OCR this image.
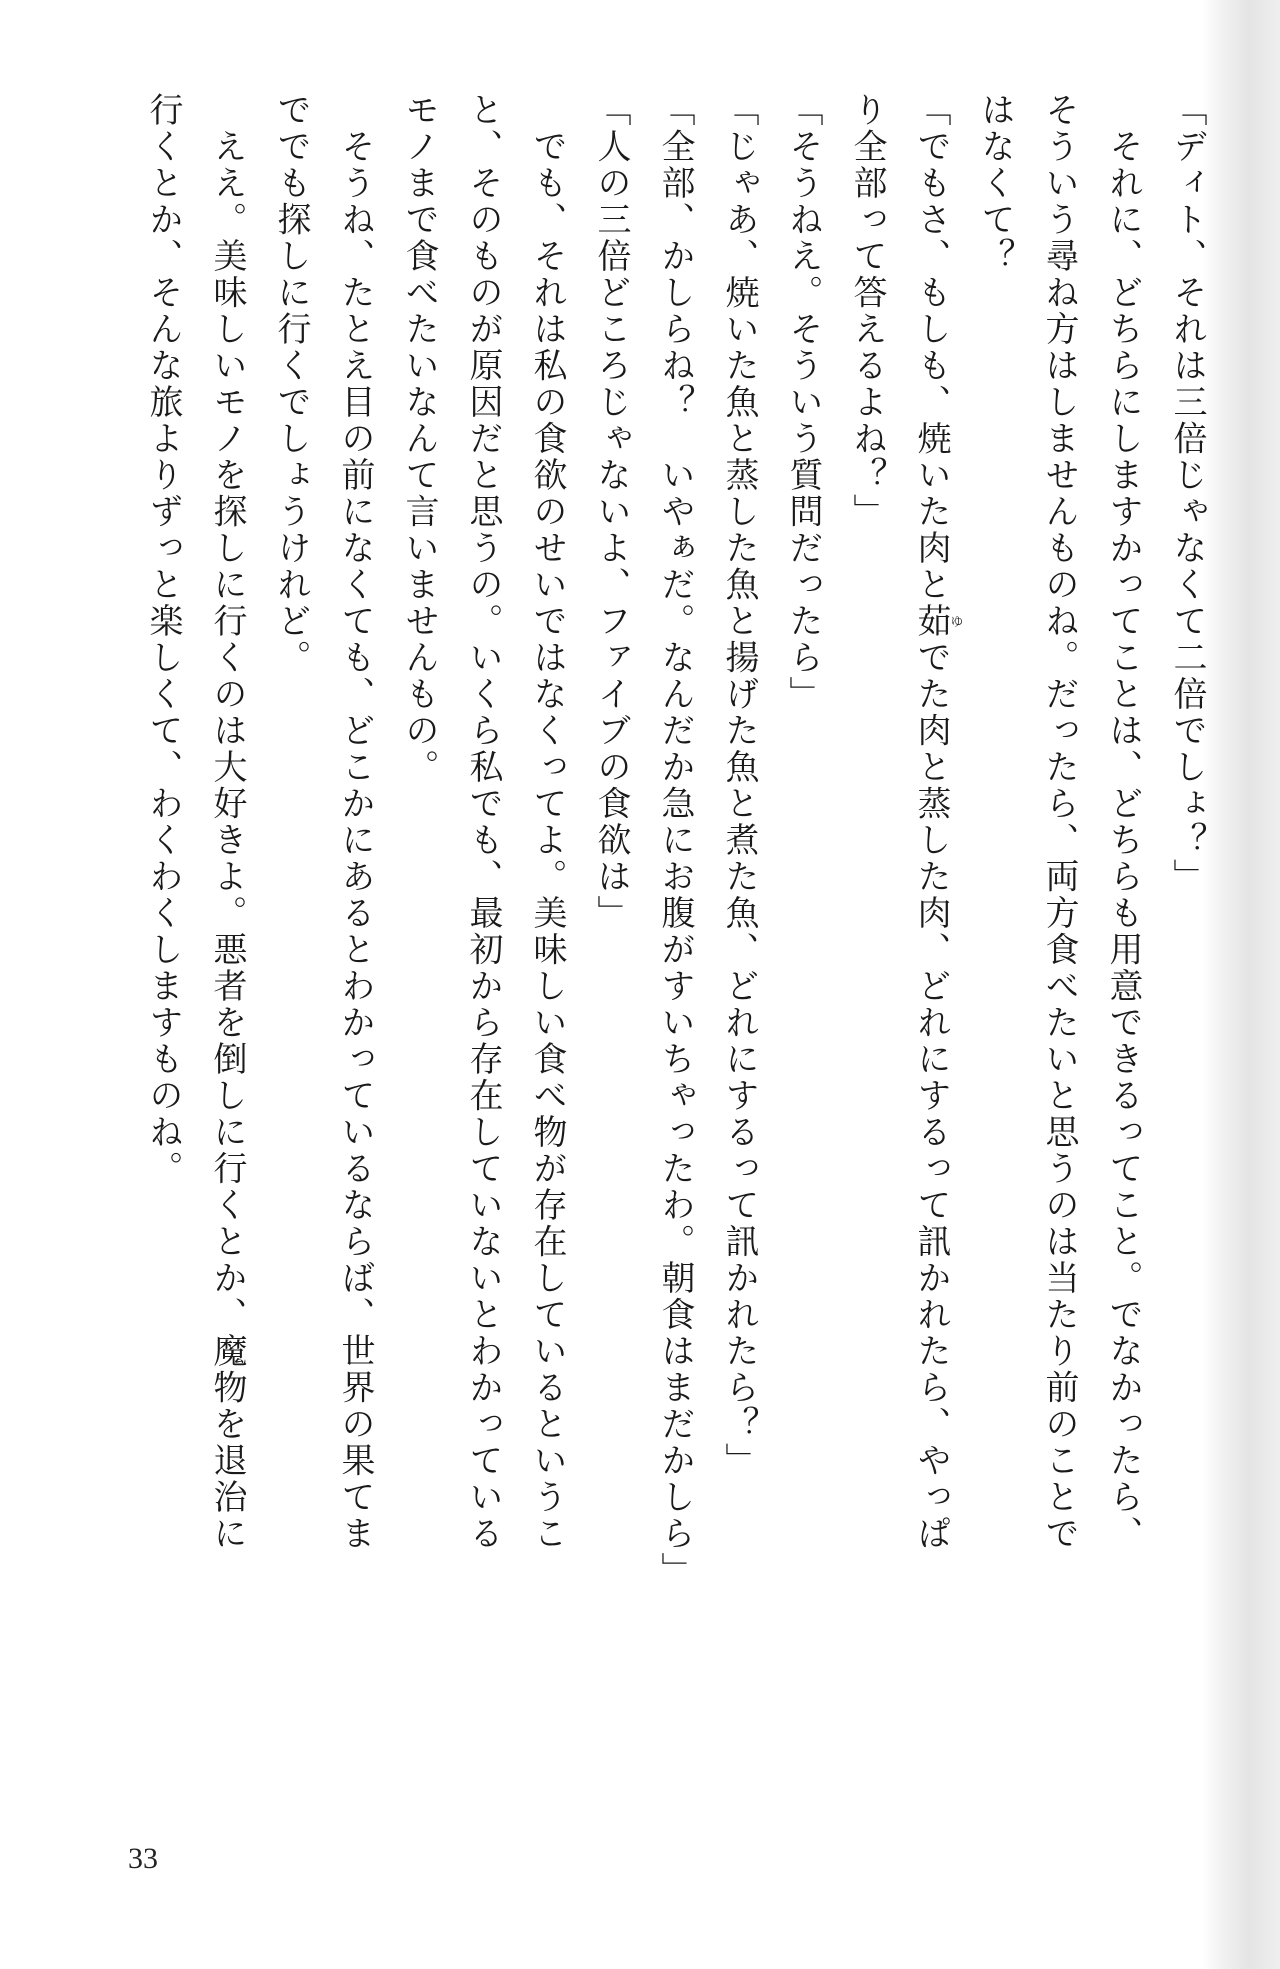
「ディト、それは三倍じゃなくて二倍でしょ？」

　それに、どちらにしますかってことは、どちらも用意できるってこと。でなかったら、

そういう尋ね方はしませんものね。だったら、両方食べたいと思うのは当たり前のことで

はなくて？

「でもさ、もしも、焼いた肉と茹ゆでた肉と蒸した肉、どれにするって訊かれたら、やっぱ

り全部って答えるよね？」

「そうねえ。そういう質問だったら」

「じゃあ、焼いた魚と蒸した魚と揚げた魚と煮た魚、どれにするって訊かれたら？」

「全部、かしらね？　いやぁだ。なんだか急にお腹がすいちゃったわ。朝食はまだかしら」

「人の三倍どころじゃないよ、ファイブの食欲は」

　でも、それは私の食欲のせいではなくってよ。美味しい食べ物が存在しているというこ

と、そのものが原因だと思うの。いくら私でも、最初から存在していないとわかっている

モノまで食べたいなんて言いませんもの。

　そうね、たとえ目の前になくても、どこかにあるとわかっているならば、世界の果てま

ででも探しに行くでしょうけれど。

　ええ。美味しいモノを探しに行くのは大好きよ。悪者を倒しに行くとか、魔物を退治に

行くとか、そんな旅よりずっと楽しくて、わくわくしますものね。

33
